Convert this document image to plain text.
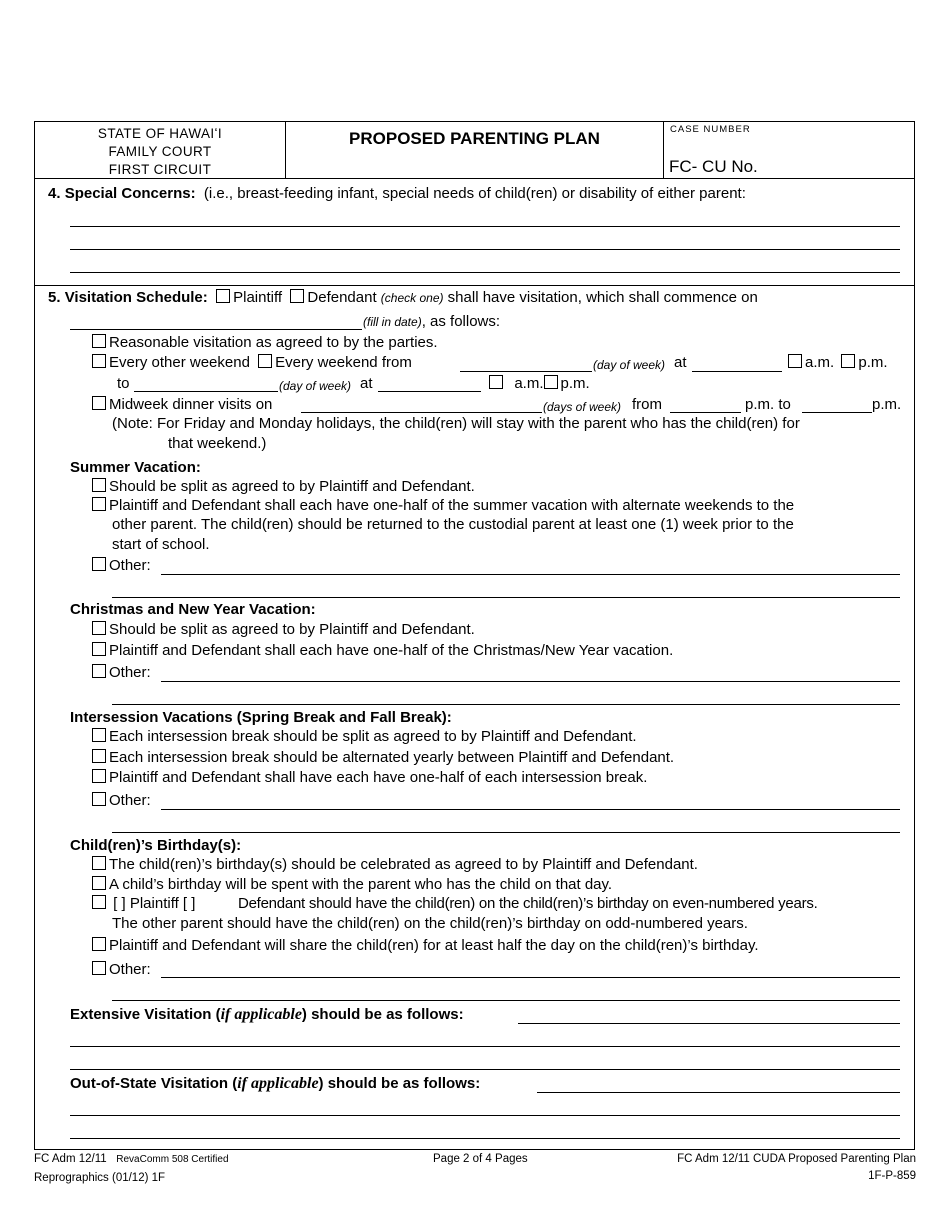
STATE OF HAWAIʻI
FAMILY COURT
FIRST CIRCUIT
PROPOSED PARENTING PLAN	CASE NUMBER
FC- CU No.
4. Special Concerns: (i.e., breast-feeding infant, special needs of child(ren) or disability of either parent:
5. Visitation Schedule: Plaintiff Defendant (check one) shall have visitation, which shall commence on
(fill in date), as follows:
Reasonable visitation as agreed to by the parties.
Every other weekend Every weekend from	(day of week) at	a.m. p.m.
to	(day of week) at	a.m. p.m.
Midweek dinner visits on	(days of week) from	p.m. to	p.m.
(Note: For Friday and Monday holidays, the child(ren) will stay with the parent who has the child(ren) for
that weekend.)
Summer Vacation:
Should be split as agreed to by Plaintiff and Defendant.
Plaintiff and Defendant shall each have one-half of the summer vacation with alternate weekends to the
other parent. The child(ren) should be returned to the custodial parent at least one (1) week prior to the
start of school.
Other:
Christmas and New Year Vacation:
Should be split as agreed to by Plaintiff and Defendant.
Plaintiff and Defendant shall each have one-half of the Christmas/New Year vacation.
Other:
Intersession Vacations (Spring Break and Fall Break):
Each intersession break should be split as agreed to by Plaintiff and Defendant.
Each intersession break should be alternated yearly between Plaintiff and Defendant.
Plaintiff and Defendant shall have each have one-half of each intersession break.
Other:
Child(ren)’s Birthday(s):
The child(ren)’s birthday(s) should be celebrated as agreed to by Plaintiff and Defendant.
A child’s birthday will be spent with the parent who has the child on that day.
[ ] Plaintiff [ ]	Defendant should have the child(ren) on the child(ren)’s birthday on even-numbered years.
The other parent should have the child(ren) on the child(ren)’s birthday on odd-numbered years.
Plaintiff and Defendant will share the child(ren) for at least half the day on the child(ren)’s birthday.
Other:
Extensive Visitation (if applicable) should be as follows:
Out-of-State Visitation (if applicable) should be as follows:
FC Adm 12/11 RevaComm 508 Certified
Reprographics (01/12) 1F
Page 2 of 4 Pages	FC Adm 12/11 CUDA Proposed Parenting Plan
1F-P-859
